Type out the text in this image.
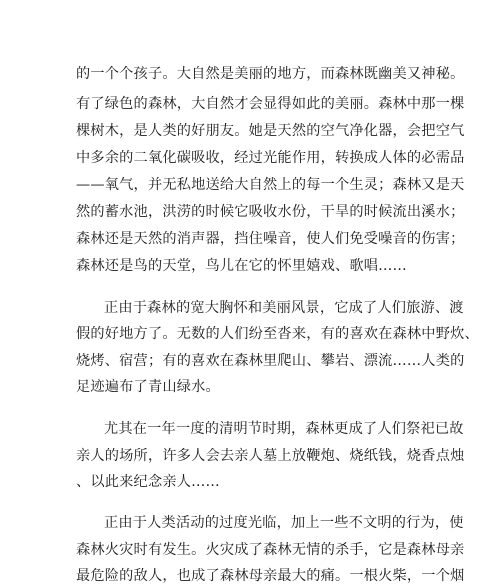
的一个个孩子。大自然是美丽的地方，而森林既幽美又神秘。
有了绿色的森林，大自然才会显得如此的美丽。森林中那一棵
棵树木，是人类的好朋友。她是天然的空气净化器，会把空气
中多余的二氧化碳吸收，经过光能作用，转换成人体的必需品
——氧气，并无私地送给大自然上的每一个生灵；森林又是天
然的蓄水池，洪涝的时候它吸收水份，干旱的时候流出溪水；
森林还是天然的消声器，挡住噪音，使人们免受噪音的伤害；
森林还是鸟的天堂，鸟儿在它的怀里嬉戏、歌唱……
正由于森林的宽大胸怀和美丽风景，它成了人们旅游、渡
假的好地方了。无数的人们纷至沓来，有的喜欢在森林中野炊、
烧烤、宿营；有的喜欢在森林里爬山、攀岩、漂流……人类的
足迹遍布了青山绿水。
尤其在一年一度的清明节时期，森林更成了人们祭祀已故
亲人的场所，许多人会去亲人墓上放鞭炮、烧纸钱，烧香点烛
、以此来纪念亲人……
正由于人类活动的过度光临，加上一些不文明的行为，使
森林火灾时有发生。火灾成了森林无情的杀手，它是森林母亲
最危险的敌人，也成了森林母亲最大的痛。一根火柴，一个烟
